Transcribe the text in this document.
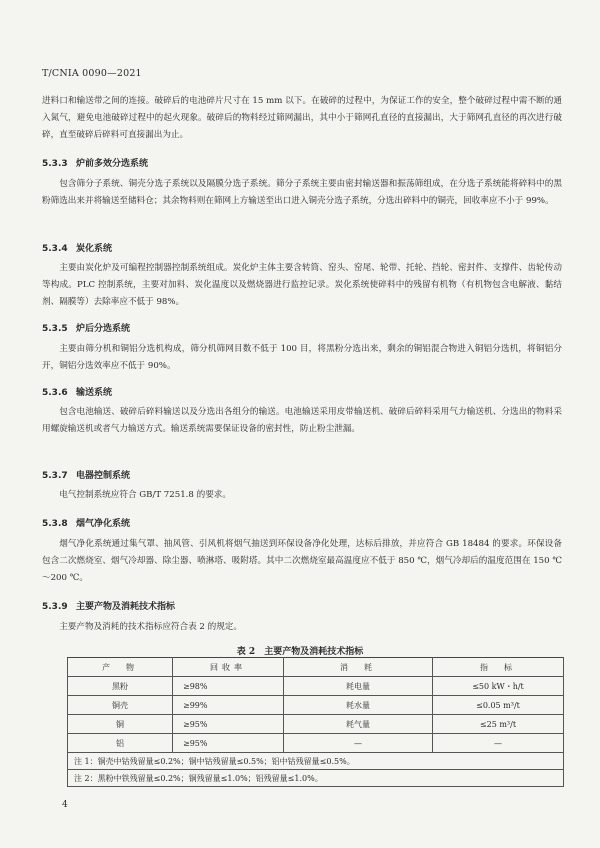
T/CNIA 0090—2021
进料口和输送带之间的连接。破碎后的电池碎片尺寸在 15 mm 以下。在破碎的过程中，为保证工作的安全，整个破碎过程中需不断的通入氮气，避免电池破碎过程中的起火现象。破碎后的物料经过筛网漏出，其中小于筛网孔直径的直接漏出，大于筛网孔直径的再次进行破碎，直至破碎后碎料可直接漏出为止。
5.3.3 炉前多效分选系统
包含筛分子系统、铜壳分选子系统以及隔膜分选子系统。筛分子系统主要由密封输送器和振荡筛组成，在分选子系统能将碎料中的黑粉筛选出来并将输送至储料仓；其余物料则在筛网上方输送至出口进入铜壳分选子系统，分选出碎料中的铜壳，回收率应不小于 99%。
5.3.4 炭化系统
主要由炭化炉及可编程控制器控制系统组成。炭化炉主体主要含转筒、窑头、窑尾、轮带、托轮、挡轮、密封件、支撑件、齿轮传动等构成。PLC 控制系统，主要对加料、炭化温度以及燃烧器进行监控记录。炭化系统使碎料中的残留有机物（有机物包含电解液、黏结剂、隔膜等）去除率应不低于 98%。
5.3.5 炉后分选系统
主要由筛分机和铜铝分选机构成，筛分机筛网目数不低于 100 目，将黑粉分选出来，剩余的铜铝混合物进入铜铝分选机，将铜铝分开，铜铝分选效率应不低于 90%。
5.3.6 输送系统
包含电池输送、破碎后碎料输送以及分选出各组分的输送。电池输送采用皮带输送机、破碎后碎料采用气力输送机、分选出的物料采用螺旋输送机或者气力输送方式。输送系统需要保证设备的密封性，防止粉尘泄漏。
5.3.7 电器控制系统
电气控制系统应符合 GB/T 7251.8 的要求。
5.3.8 烟气净化系统
烟气净化系统通过集气罩、抽风管、引风机将烟气抽送到环保设备净化处理，达标后排放，并应符合 GB 18484 的要求。环保设备包含二次燃烧室、烟气冷却器、除尘器、喷淋塔、吸附塔。其中二次燃烧室最高温度应不低于 850 ℃，烟气冷却后的温度范围在 150 ℃～200 ℃。
5.3.9 主要产物及消耗技术指标
主要产物及消耗的技术指标应符合表 2 的规定。
表 2　主要产物及消耗技术指标
产　物	回收率	消　耗	指　标
黑粉	≥98%	耗电量	≤50 kW・h/t
铜壳	≥99%	耗水量	≤0.05 m³/t
铜	≥95%	耗气量	≤25 m³/t
铝	≥95%	—	—
注 1：铜壳中钴残留量≤0.2%；铜中钴残留量≤0.5%；铝中钴残留量≤0.5%。			
注 2：黑粉中铁残留量≤0.2%；铜残留量≤1.0%；铝残留量≤1.0%。			
4
